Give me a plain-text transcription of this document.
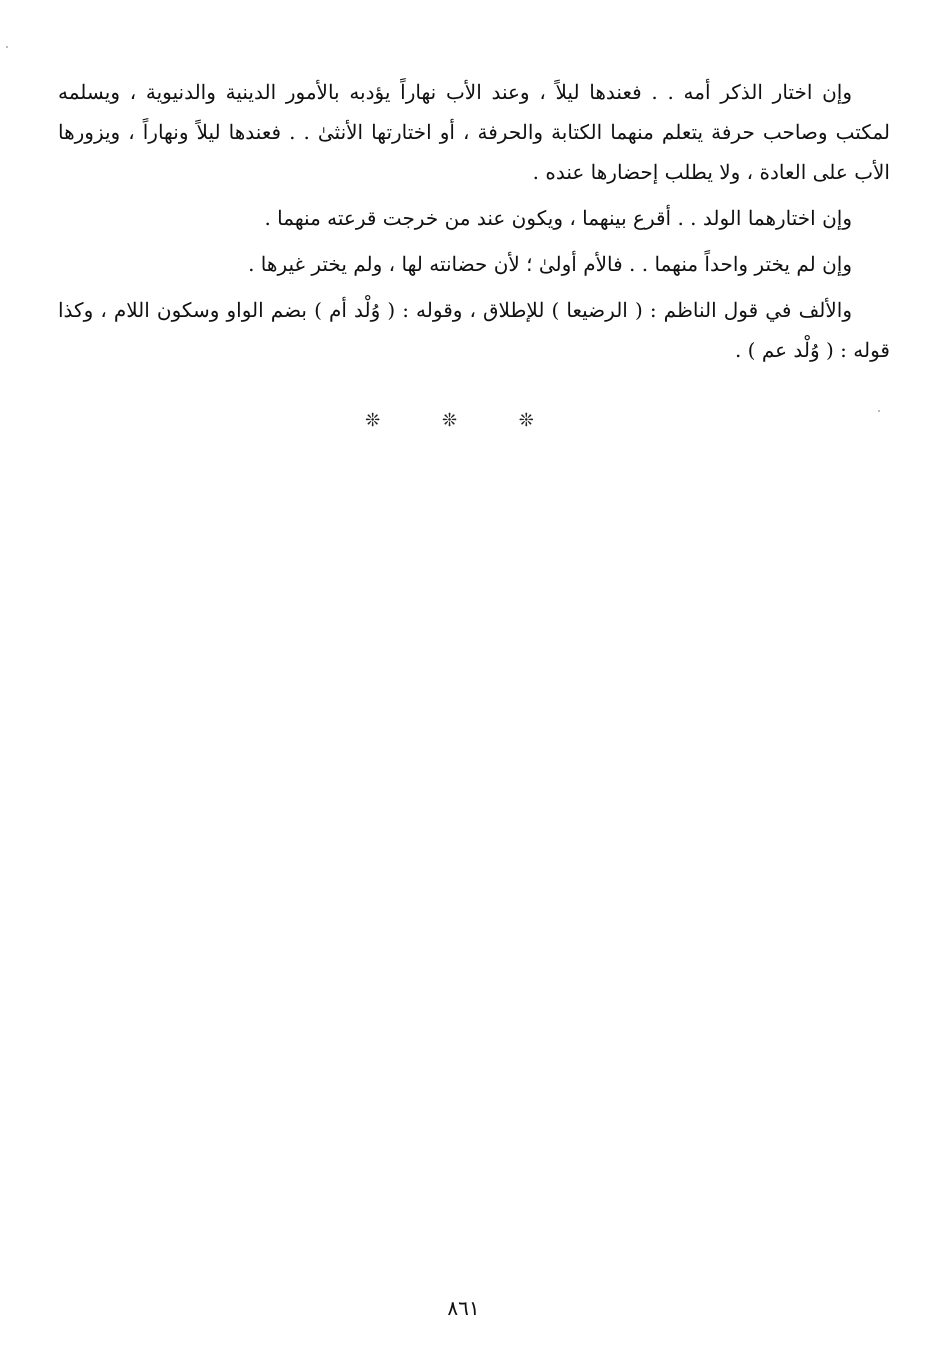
وإن اختار الذكر أمه . . فعندها ليلاً ، وعند الأب نهاراً يؤدبه بالأمور الدينية والدنيوية ، ويسلمه لمكتب وصاحب حرفة يتعلم منهما الكتابة والحرفة ، أو اختارتها الأنثىٰ . . فعندها ليلاً ونهاراً ، ويزورها الأب على العادة ، ولا يطلب إحضارها عنده .

وإن اختارهما الولد . . أقرع بينهما ، ويكون عند من خرجت قرعته منهما .

وإن لم يختر واحداً منهما . . فالأم أولىٰ ؛ لأن حضانته لها ، ولم يختر غيرها .

والألف في قول الناظم : ( الرضيعا ) للإطلاق ، وقوله : ( وُلْد أم ) بضم الواو وسكون اللام ، وكذا قوله : ( وُلْد عم ) .

❊ ❊ ❊
٨٦١
